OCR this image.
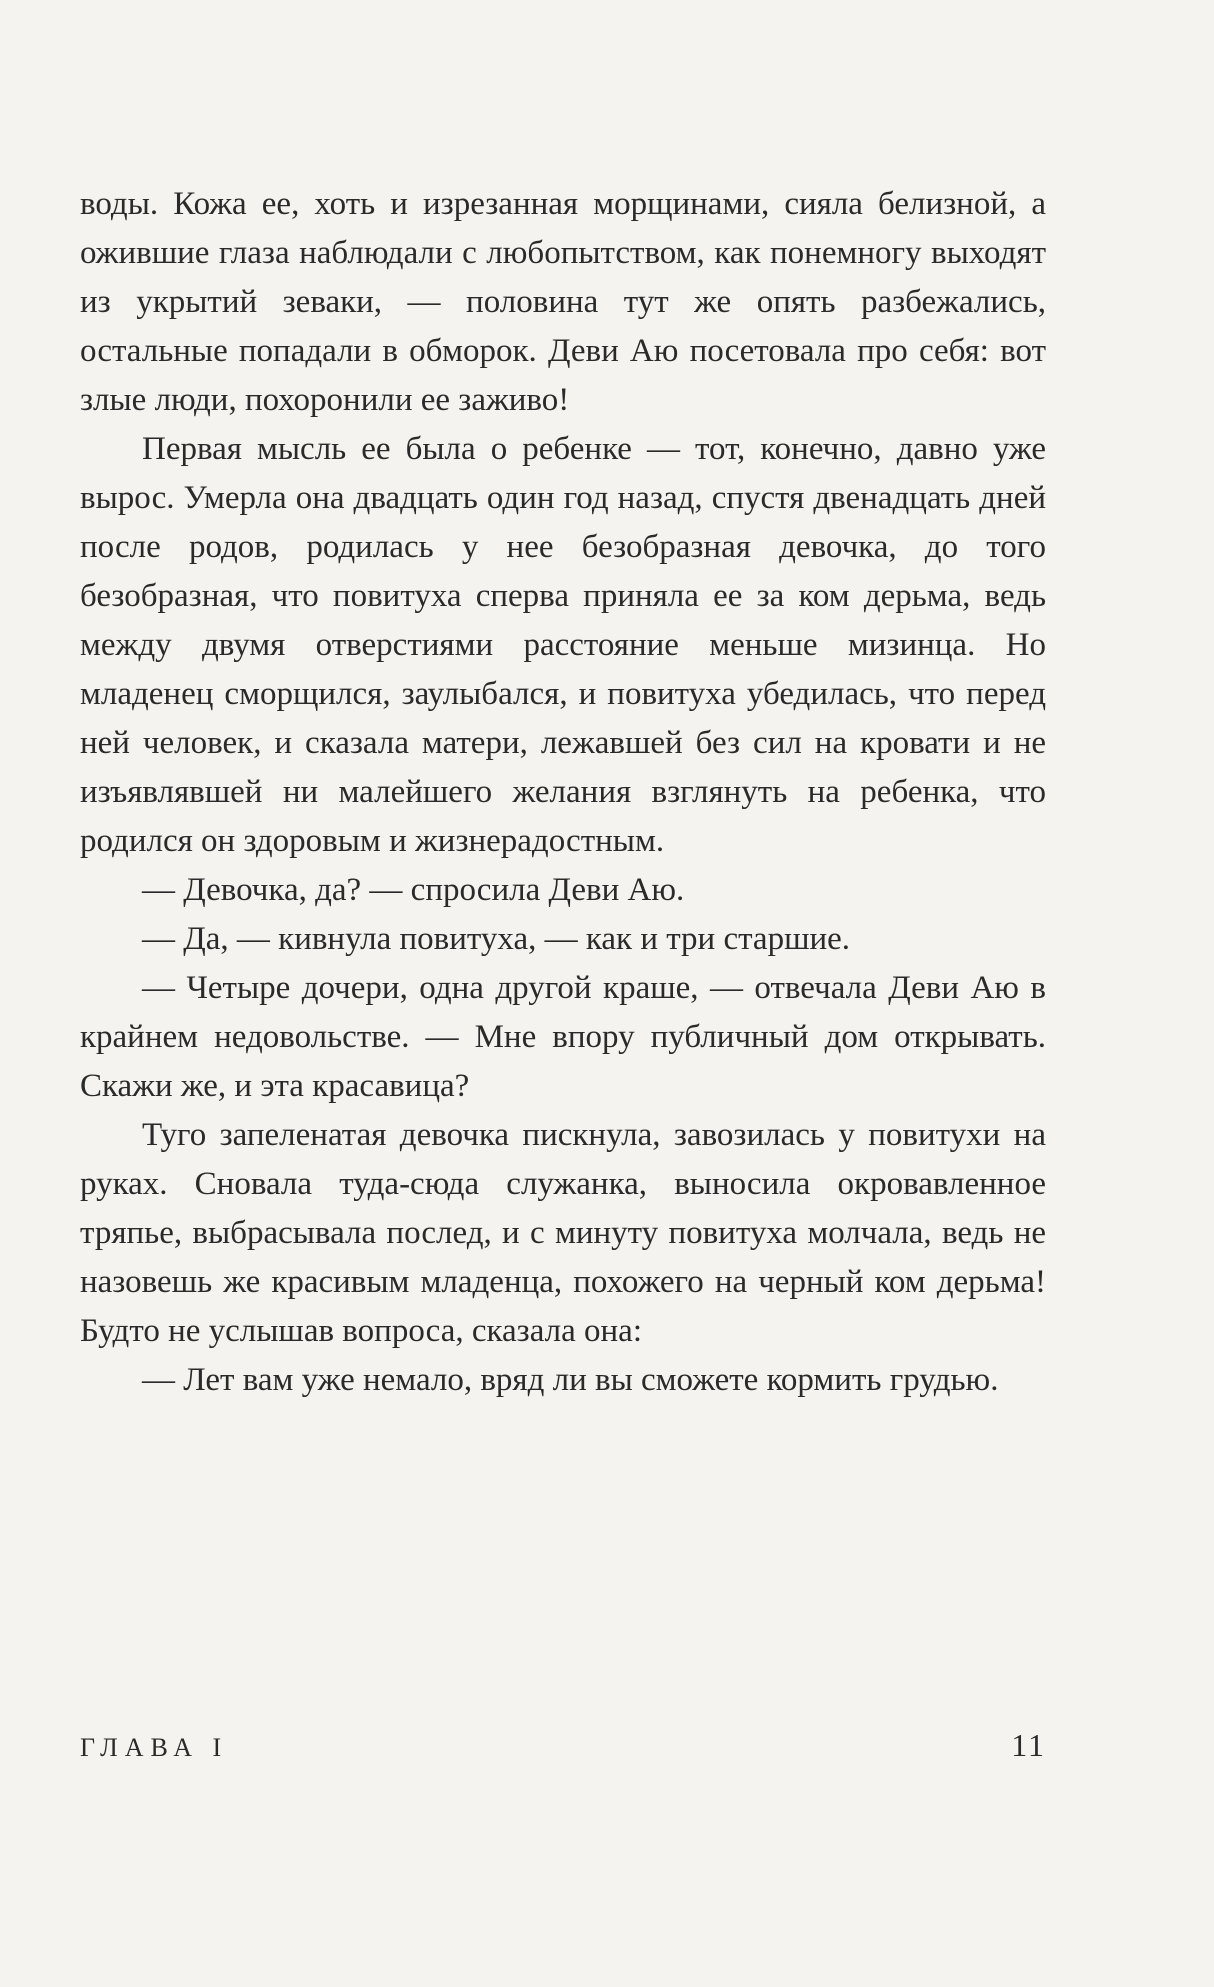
воды. Кожа ее, хоть и изрезанная морщинами, сияла белизной, а ожившие глаза наблюдали с любопытством, как понемногу выходят из укрытий зеваки, — половина тут же опять разбежались, остальные попадали в обморок. Деви Аю посетовала про себя: вот злые люди, похоронили ее заживо!

Первая мысль ее была о ребенке — тот, конечно, давно уже вырос. Умерла она двадцать один год назад, спустя двенадцать дней после родов, родилась у нее безобразная девочка, до того безобразная, что повитуха сперва приняла ее за ком дерьма, ведь между двумя отверстиями расстояние меньше мизинца. Но младенец сморщился, заулыбался, и повитуха убедилась, что перед ней человек, и сказала матери, лежавшей без сил на кровати и не изъявлявшей ни малейшего желания взглянуть на ребенка, что родился он здоровым и жизнерадостным.

— Девочка, да? — спросила Деви Аю.

— Да, — кивнула повитуха, — как и три старшие.

— Четыре дочери, одна другой краше, — отвечала Деви Аю в крайнем недовольстве. — Мне впору публичный дом открывать. Скажи же, и эта красавица?

Туго запеленатая девочка пискнула, завозилась у повитухи на руках. Сновала туда-сюда служанка, выносила окровавленное тряпье, выбрасывала послед, и с минуту повитуха молчала, ведь не назовешь же красивым младенца, похожего на черный ком дерьма! Будто не услышав вопроса, сказала она:

— Лет вам уже немало, вряд ли вы сможете кормить грудью.

ГЛАВА I	11
